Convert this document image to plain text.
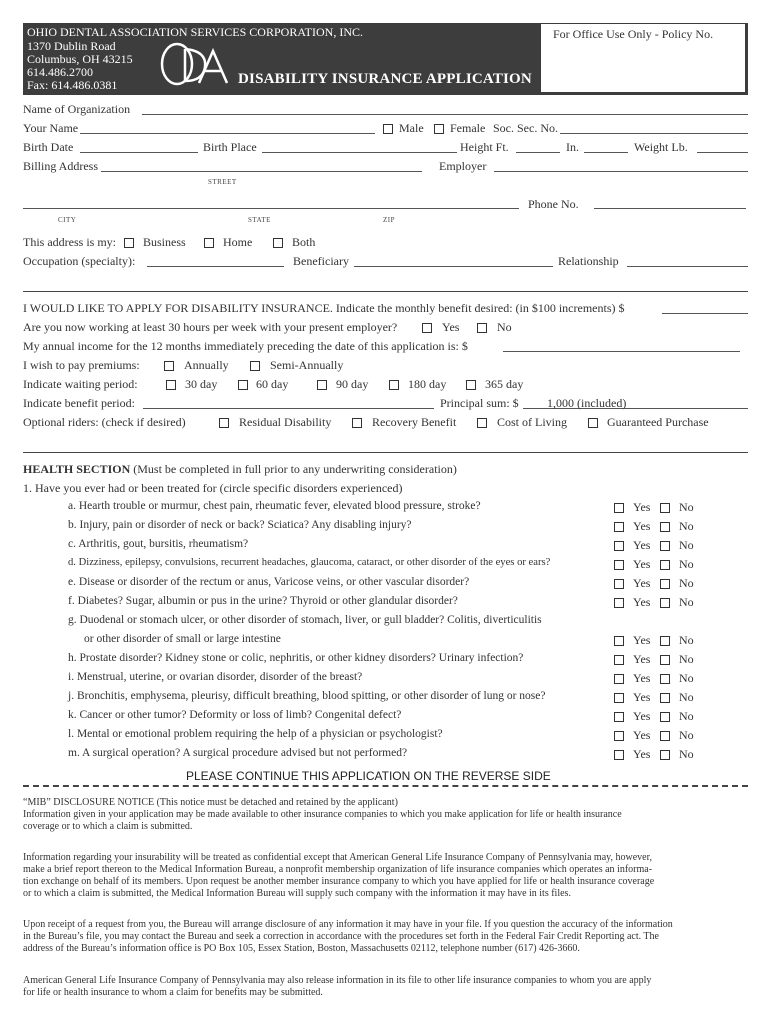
OHIO DENTAL ASSOCIATION SERVICES CORPORATION, INC.
1370 Dublin Road
Columbus, OH 43215
614.486.2700
Fax: 614.486.0381	DISABILITY INSURANCE APPLICATION
For Office Use Only - Policy No.
Name of Organization
Your Name	Male Female Soc. Sec. No.
Birth Date	Birth Place	Height Ft.	In.	Weight Lb.
Billing Address	Employer
STREET
Phone No.
CITY	STATE	ZIP
This address is my: Business	Home	Both
Occupation (specialty):	Beneficiary	Relationship
I WOULD LIKE TO APPLY FOR DISABILITY INSURANCE. Indicate the monthly benefit desired: (in $100 increments) $
Are you now working at least 30 hours per week with your present employer?	Yes	No
My annual income for the 12 months immediately preceding the date of this application is: $
I wish to pay premiums:	Annually	Semi-Annually
Indicate waiting period:	30 day	60 day	90 day	180 day	365 day
Indicate benefit period:	Principal sum: $ 1,000 (included)
Optional riders: (check if desired)	Residual Disability	Recovery Benefit	Cost of Living	Guaranteed Purchase
HEALTH SECTION (Must be completed in full prior to any underwriting consideration)
1. Have you ever had or been treated for (circle specific disorders experienced)
a. Hearth trouble or murmur, chest pain, rheumatic fever, elevated blood pressure, stroke?	Yes No
b. Injury, pain or disorder of neck or back? Sciatica? Any disabling injury?	Yes No
c. Arthritis, gout, bursitis, rheumatism?	Yes No
d. Dizziness, epilepsy, convulsions, recurrent headaches, glaucoma, cataract, or other disorder of the eyes or ears?	Yes No
e. Disease or disorder of the rectum or anus, Varicose veins, or other vascular disorder?	Yes No
f. Diabetes? Sugar, albumin or pus in the urine? Thyroid or other glandular disorder?	Yes No
g. Duodenal or stomach ulcer, or other disorder of stomach, liver, or gull bladder? Colitis, diverticulitis
or other disorder of small or large intestine	Yes No
h. Prostate disorder? Kidney stone or colic, nephritis, or other kidney disorders? Urinary infection?	Yes No
i. Menstrual, uterine, or ovarian disorder, disorder of the breast?	Yes No
j. Bronchitis, emphysema, pleurisy, difficult breathing, blood spitting, or other disorder of lung or nose?	Yes No
k. Cancer or other tumor? Deformity or loss of limb? Congenital defect?	Yes No
l. Mental or emotional problem requiring the help of a physician or psychologist?	Yes No
m. A surgical operation? A surgical procedure advised but not performed?	Yes No
PLEASE CONTINUE THIS APPLICATION ON THE REVERSE SIDE
“MIB” DISCLOSURE NOTICE (This notice must be detached and retained by the applicant)
Information given in your application may be made available to other insurance companies to which you make application for life or health insurance
coverage or to which a claim is submitted.
Information regarding your insurability will be treated as confidential except that American General Life Insurance Company of Pennsylvania may, however,
make a brief report thereon to the Medical Information Bureau, a nonprofit membership organization of life insurance companies which operates an informa-
tion exchange on behalf of its members. Upon request be another member insurance company to which you have applied for life or health insurance coverage
or to which a claim is submitted, the Medical Information Bureau will supply such company with the information it may have in its files.
Upon receipt of a request from you, the Bureau will arrange disclosure of any information it may have in your file. If you question the accuracy of the information
in the Bureau’s file, you may contact the Bureau and seek a correction in accordance with the procedures set forth in the Federal Fair Credit Reporting act. The
address of the Bureau’s information office is PO Box 105, Essex Station, Boston, Massachusetts 02112, telephone number (617) 426-3660.
American General Life Insurance Company of Pennsylvania may also release information in its file to other life insurance companies to whom you are apply
for life or health insurance to whom a claim for benefits may be submitted.
